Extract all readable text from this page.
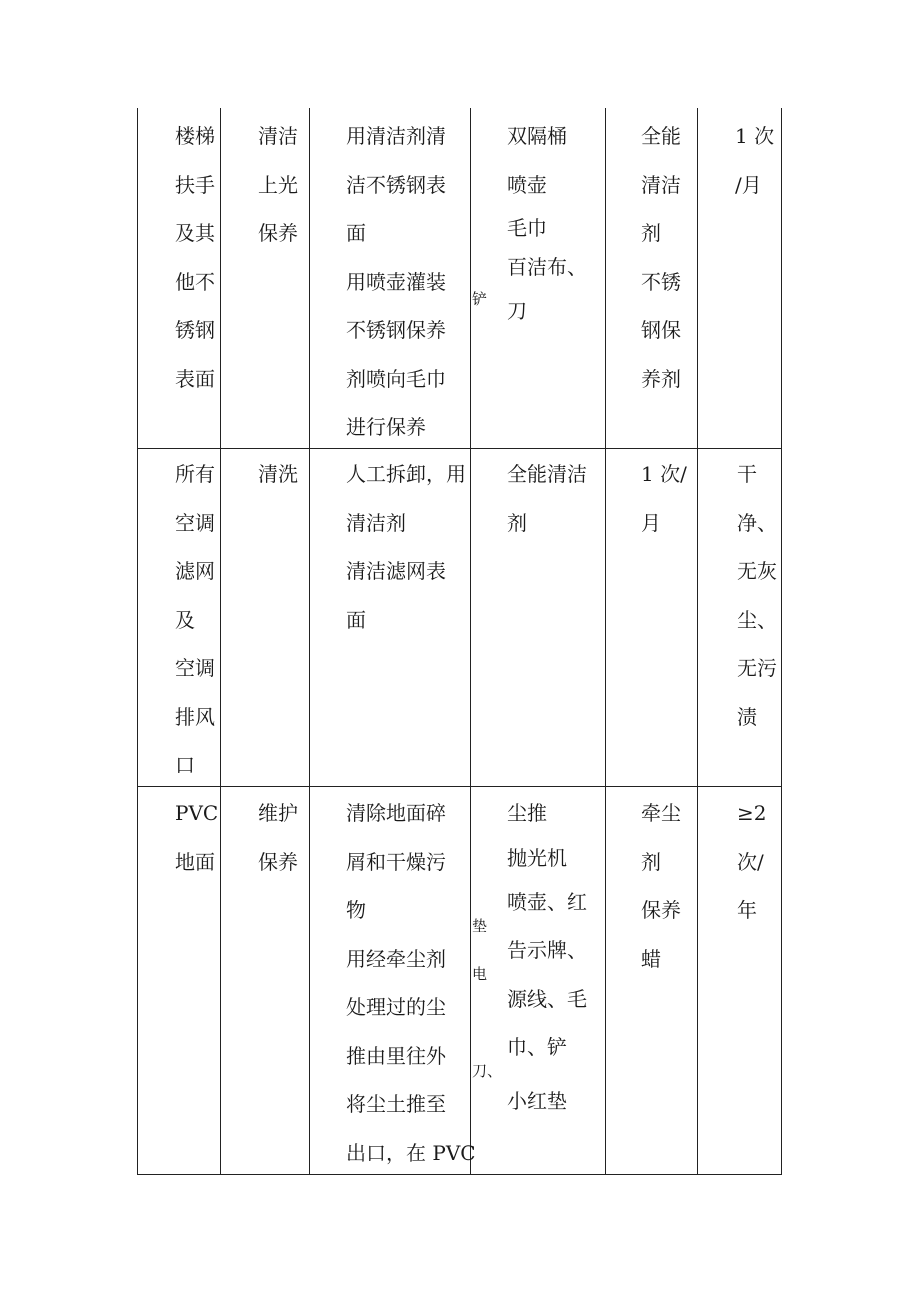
楼梯
扶手
及其
他不
锈钢
表面
清洁
上光
保养
用清洁剂清
洁不锈钢表
面
用喷壶灌装
不锈钢保养
剂喷向毛巾
进行保养
双隔桶
喷壶
毛巾
百洁布、
刀
铲
全能
清洁
剂
不锈
钢保
养剂
1 次
/月
所有
空调
滤网
及
空调
排风
口
清洗 人工拆卸，用
清洁剂
清洁滤网表
面
全能清洁
剂
1 次/
月
干
净、
无灰
尘、
无污
渍
PVC
地面
维护
保养
清除地面碎
屑和干燥污
物
用经牵尘剂
处理过的尘
推由里往外
将尘土推至
出口，在 PVC
尘推
抛光机
喷壶、红
告示牌、
源线、毛
巾、铲
小红垫
垫
电
刀、
牵尘
剂
保养
蜡
≥2
次/
年
